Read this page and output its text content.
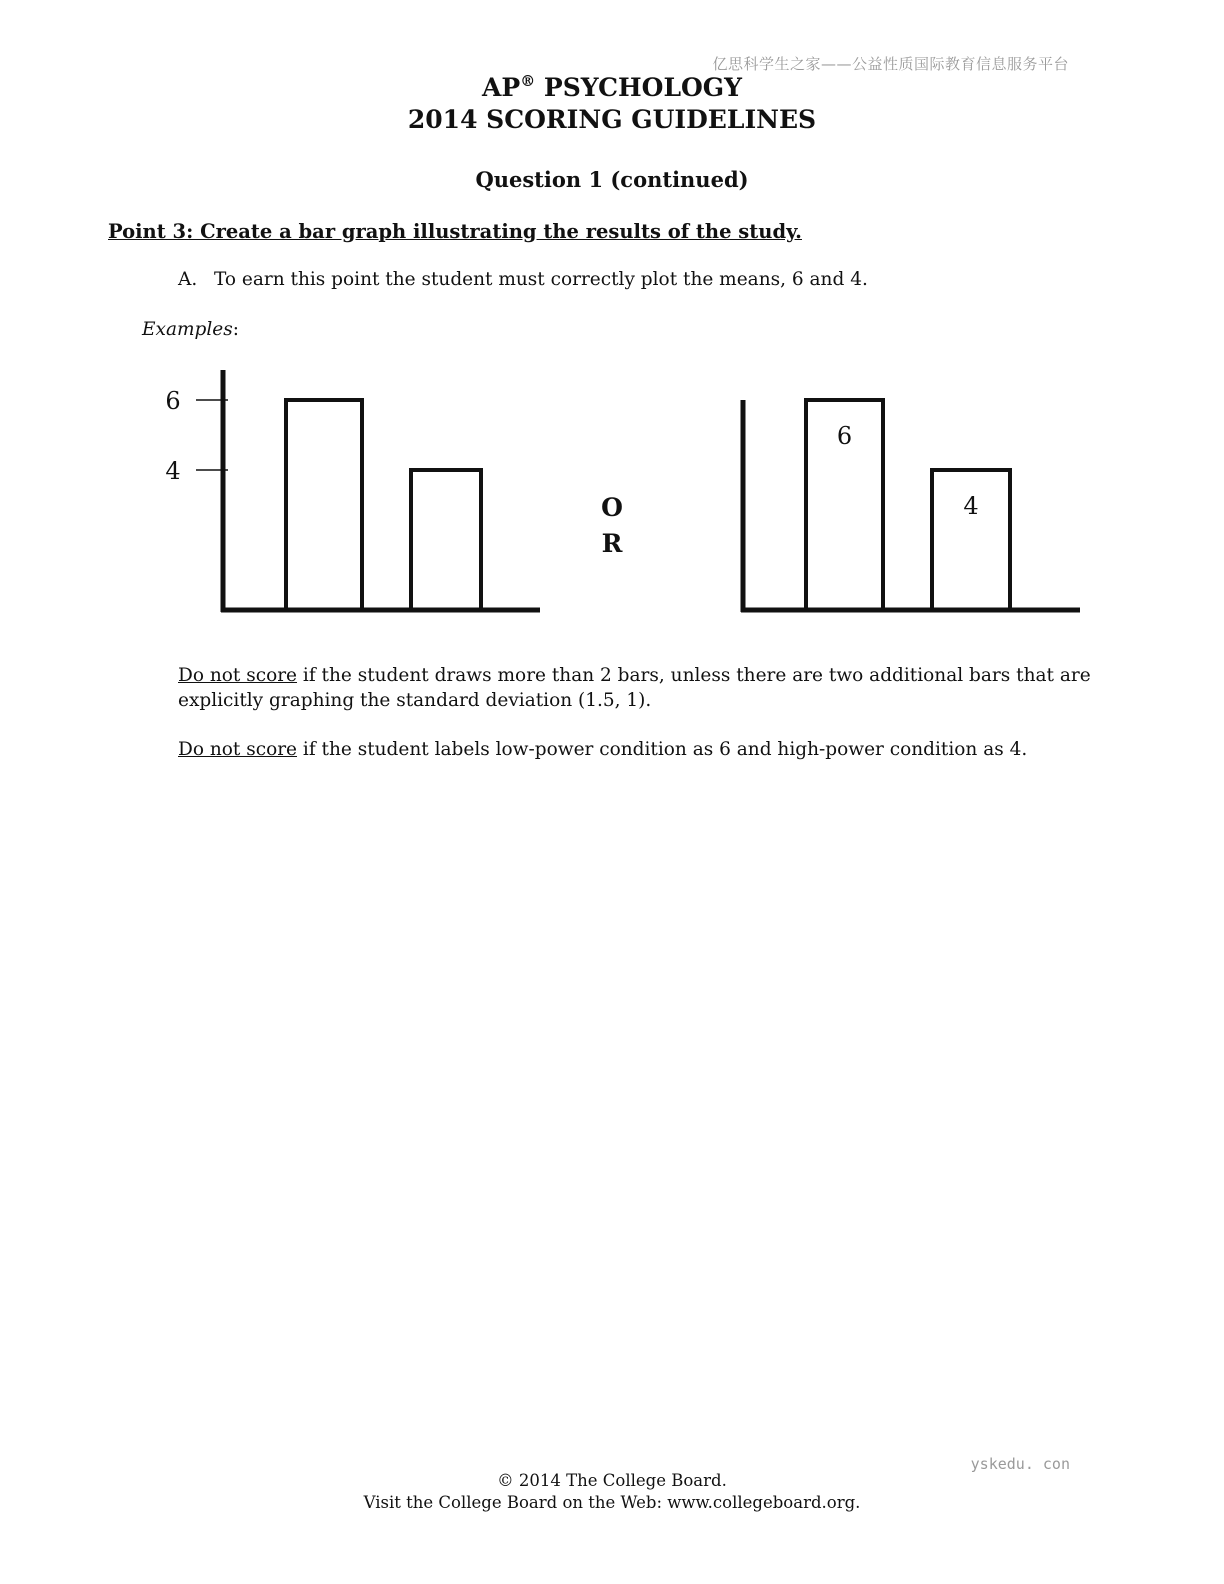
亿思科学生之家——公益性质国际教育信息服务平台
AP® PSYCHOLOGY
2014 SCORING GUIDELINES
Question 1 (continued)
Point 3: Create a bar graph illustrating the results of the study.
A. To earn this point the student must correctly plot the means, 6 and 4.
Examples:
6
4
O
R
6
4
Do not score if the student draws more than 2 bars, unless there are two additional bars that are explicitly graphing the standard deviation (1.5, 1).
Do not score if the student labels low-power condition as 6 and high-power condition as 4.
yskedu. con
© 2014 The College Board.
Visit the College Board on the Web: www.collegeboard.org.
